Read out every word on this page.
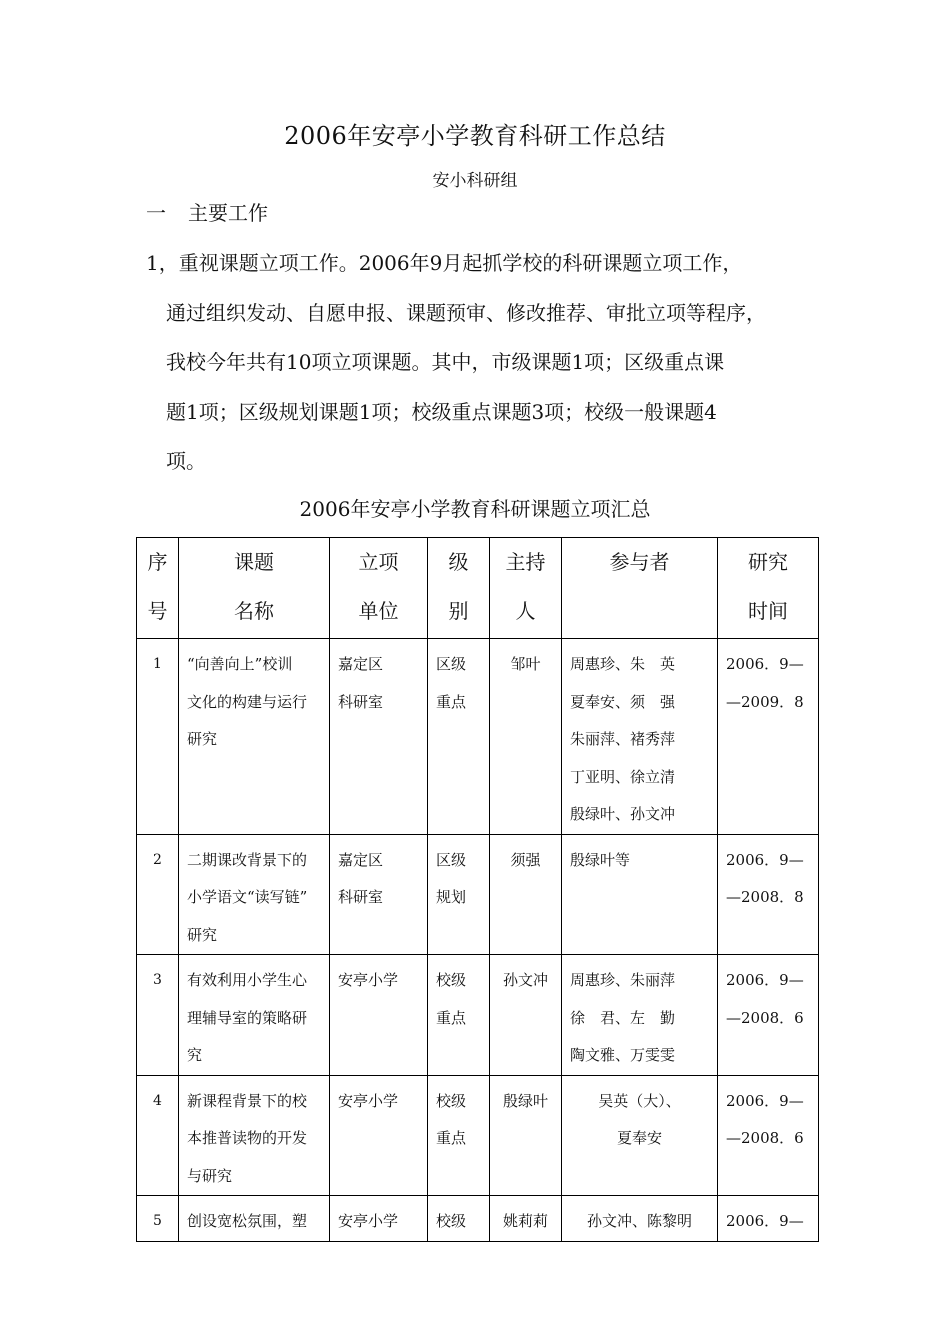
2006年安亭小学教育科研工作总结
安小科研组
一 主要工作
1，重视课题立项工作。2006年9月起抓学校的科研课题立项工作，
通过组织发动、自愿申报、课题预审、修改推荐、审批立项等程序，
我校今年共有10项立项课题。其中，市级课题1项；区级重点课
题1项；区级规划课题1项；校级重点课题3项；校级一般课题4
项。
2006年安亭小学教育科研课题立项汇总
序
号	课题
名称	立项
单位	级
别	主持
人	参与者	研究
时间

1	“向善向上”校训
文化的构建与运行
研究	嘉定区
科研室	区级
重点	邹叶	周惠珍、朱　英
夏奉安、须　强
朱丽萍、褚秀萍
丁亚明、徐立清
殷绿叶、孙文冲	2006．9—
—2009．8

2	二期课改背景下的
小学语文“读写链”
研究	嘉定区
科研室	区级
规划	须强	殷绿叶等	2006．9—
—2008．8

3	有效利用小学生心
理辅导室的策略研
究	安亭小学	校级
重点	孙文冲	周惠珍、朱丽萍
徐　君、左　勤
陶文雅、万雯雯	2006．9—
—2008．6

4	新课程背景下的校
本推普读物的开发
与研究	安亭小学	校级
重点	殷绿叶	吴英（大）、
夏奉安	2006．9—
—2008．6

5	创设宽松氛围，塑	安亭小学	校级	姚莉莉	孙文冲、陈黎明	2006．9—
